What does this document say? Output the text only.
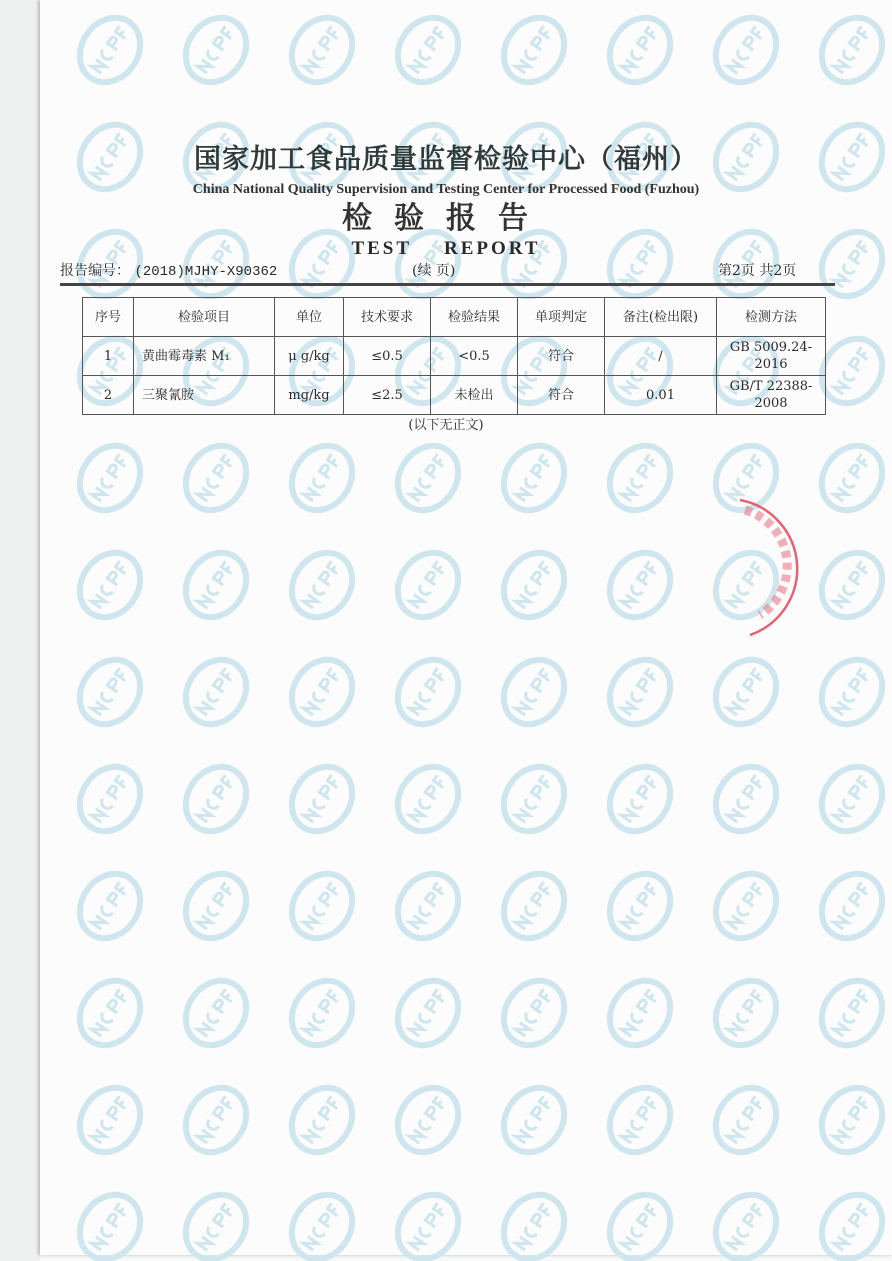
国家加工食品质量监督检验中心（福州）
China National Quality Supervision and Testing Center for Processed Food (Fuzhou)
检验报告
TEST REPORT
报告编号： (2018)MJHY-X90362	(续 页)	第2页 共2页
序号	检验项目	单位	技术要求	检验结果	单项判定	备注(检出限)	检测方法
1	黄曲霉毒素 M₁	μ g/kg	≤0.5	<0.5	符合	/	GB 5009.24-2016
2	三聚氰胺	mg/kg	≤2.5	未检出	符合	0.01	GB/T 22388-2008
(以下无正文)
